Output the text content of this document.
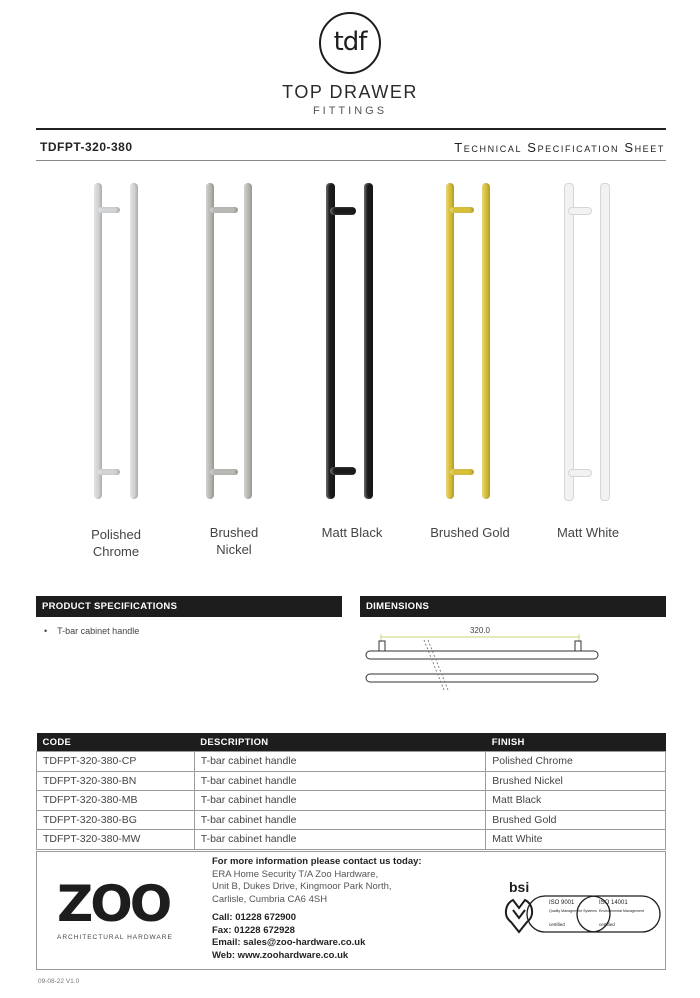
tdf
TOP DRAWER
FITTINGS
TDFPT-320-380	Technical Specification Sheet
Polished
Chrome
Brushed
Nickel
Matt Black	Brushed Gold	Matt White
PRODUCT SPECIFICATIONS
• T-bar cabinet handle
DIMENSIONS
320.0
CODE	DESCRIPTION	FINISH
TDFPT-320-380-CP	T-bar cabinet handle	Polished Chrome
TDFPT-320-380-BN	T-bar cabinet handle	Brushed Nickel
TDFPT-320-380-MB	T-bar cabinet handle	Matt Black
TDFPT-320-380-BG	T-bar cabinet handle	Brushed Gold
TDFPT-320-380-MW	T-bar cabinet handle	Matt White
ZOO
ARCHITECTURAL HARDWARE
For more information please contact us today:
ERA Home Security T/A Zoo Hardware,
Unit B, Dukes Drive, Kingmoor Park North,
Carlisle, Cumbria CA6 4SH
Call: 01228 672900
Fax: 01228 672928
Email: sales@zoo-hardware.co.uk
Web: www.zoohardware.co.uk
bsi
ISO 9001
Quality Management Systems
certified
ISO 14001
Environmental Management
certified
09-08-22 V1.0
